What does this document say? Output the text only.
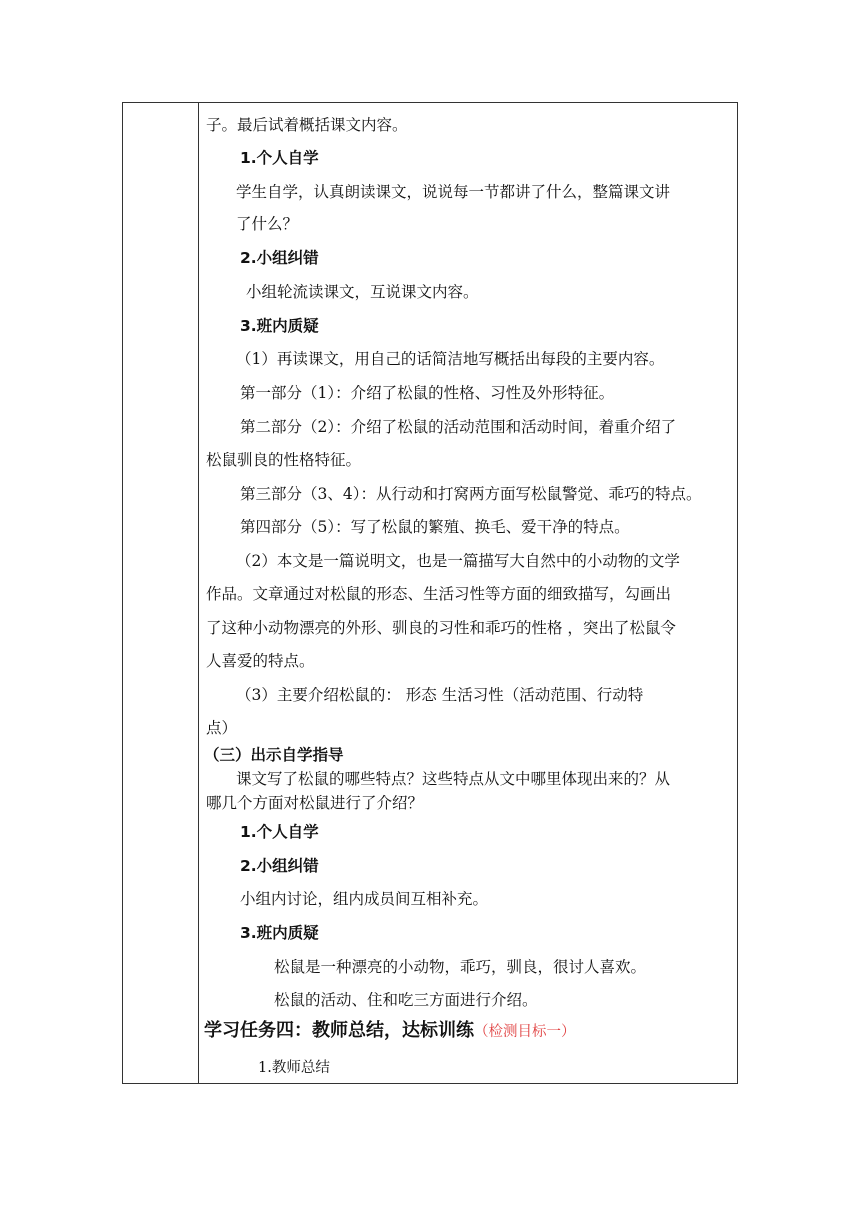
子。最后试着概括课文内容。
1.个人自学
学生自学，认真朗读课文，说说每一节都讲了什么，整篇课文讲
了什么？
2.小组纠错
小组轮流读课文，互说课文内容。
3.班内质疑
（1）再读课文，用自己的话简洁地写概括出每段的主要内容。
第一部分（1）：介绍了松鼠的性格、习性及外形特征。
第二部分（2）：介绍了松鼠的活动范围和活动时间，着重介绍了
松鼠驯良的性格特征。
第三部分（3、4）：从行动和打窝两方面写松鼠警觉、乖巧的特点。
第四部分（5）：写了松鼠的繁殖、换毛、爱干净的特点。
（2）本文是一篇说明文，也是一篇描写大自然中的小动物的文学
作品。文章通过对松鼠的形态、生活习性等方面的细致描写，勾画出
了这种小动物漂亮的外形、驯良的习性和乖巧的性格 ，突出了松鼠令
人喜爱的特点。
（3）主要介绍松鼠的： 形态 生活习性（活动范围、行动特
点）
（三）出示自学指导
课文写了松鼠的哪些特点？这些特点从文中哪里体现出来的？从
哪几个方面对松鼠进行了介绍？
1.个人自学
2.小组纠错
小组内讨论，组内成员间互相补充。
3.班内质疑
松鼠是一种漂亮的小动物，乖巧，驯良，很讨人喜欢。
松鼠的活动、住和吃三方面进行介绍。
学习任务四：教师总结，达标训练（检测目标一）
1.教师总结
